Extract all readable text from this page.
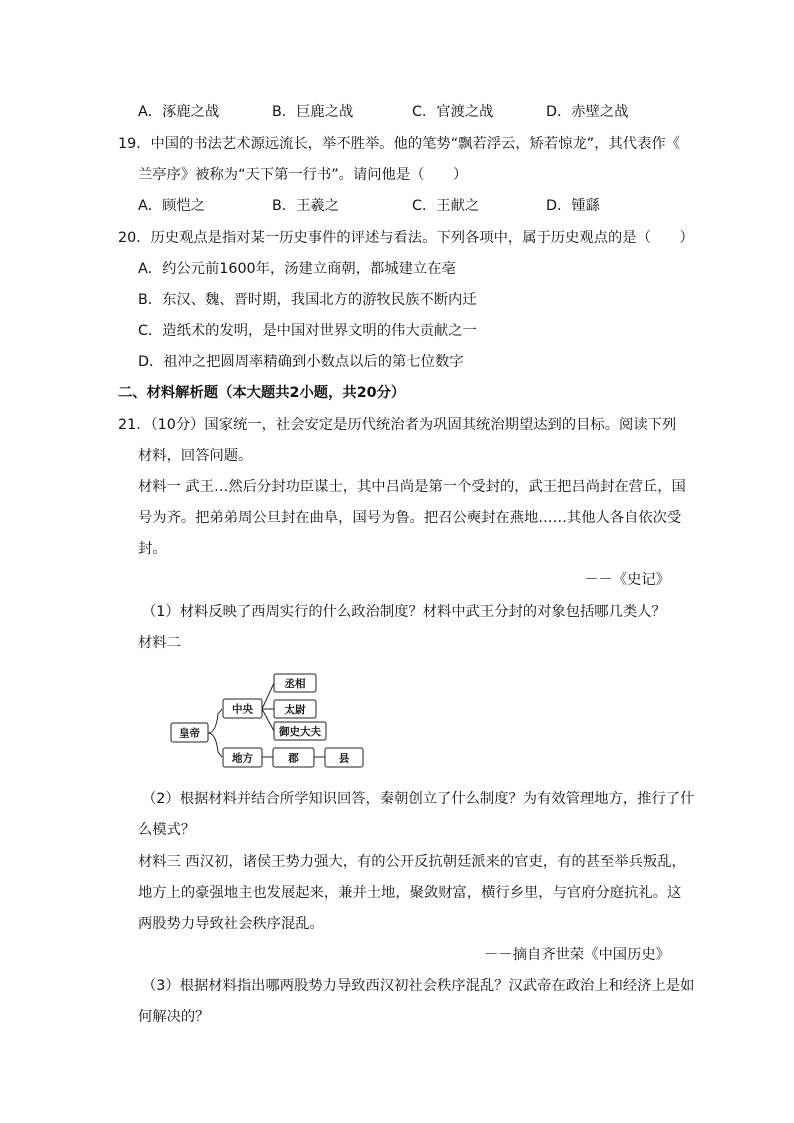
A．涿鹿之战	B．巨鹿之战	C．官渡之战	D．赤壁之战
19．中国的书法艺术源远流长，举不胜举。他的笔势“飘若浮云，矫若惊龙”，其代表作《
兰亭序》被称为“天下第一行书”。请问他是（　　）
A．顾恺之	B．王羲之	C．王献之	D．锺繇
20．历史观点是指对某一历史事件的评述与看法。下列各项中，属于历史观点的是（　　）
A．约公元前1600年，汤建立商朝，都城建立在亳
B．东汉、魏、晋时期，我国北方的游牧民族不断内迁
C．造纸术的发明，是中国对世界文明的伟大贡献之一
D．祖冲之把圆周率精确到小数点以后的第七位数字
二、材料解析题（本大题共2小题，共20分）
21．（10分）国家统一，社会安定是历代统治者为巩固其统治期望达到的目标。阅读下列
材料，回答问题。
材料一 武王…然后分封功臣谋士，其中吕尚是第一个受封的，武王把吕尚封在营丘，国
号为齐。把弟弟周公旦封在曲阜，国号为鲁。把召公奭封在燕地……其他人各自依次受
封。
－－《史记》
（1）材料反映了西周实行的什么政治制度？材料中武王分封的对象包括哪几类人？
材料二
皇帝
中央
丞相
太尉
御史大夫
地方	郡	县
（2）根据材料并结合所学知识回答，秦朝创立了什么制度？为有效管理地方，推行了什
么模式？
材料三 西汉初，诸侯王势力强大，有的公开反抗朝廷派来的官吏，有的甚至举兵叛乱，
地方上的豪强地主也发展起来，兼并土地，聚敛财富，横行乡里，与官府分庭抗礼。这
两股势力导致社会秩序混乱。
－－摘自齐世荣《中国历史》
（3）根据材料指出哪两股势力导致西汉初社会秩序混乱？汉武帝在政治上和经济上是如
何解决的？
